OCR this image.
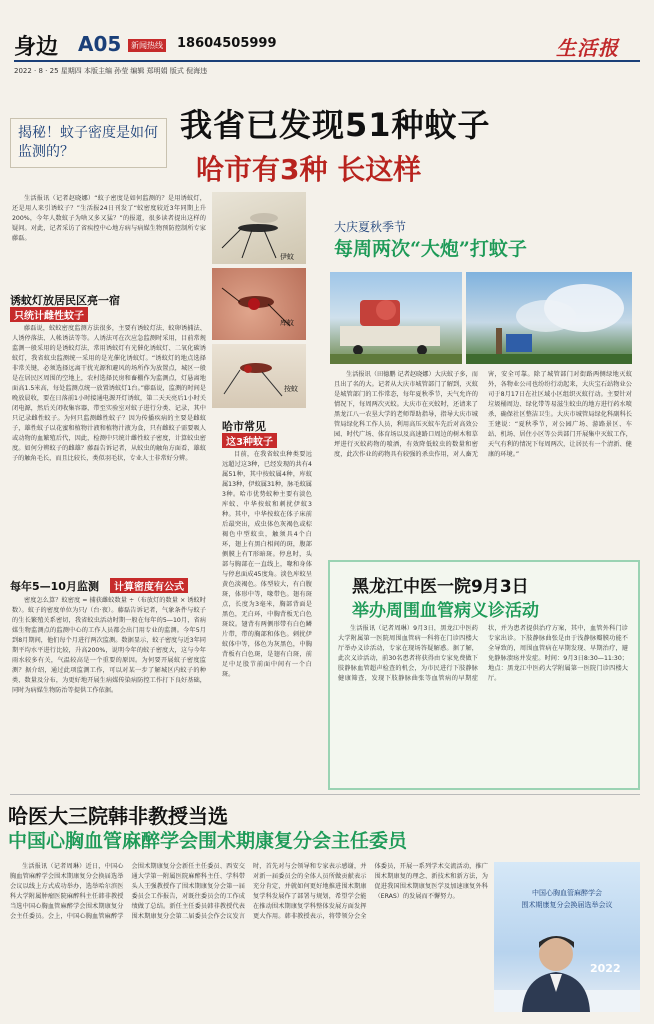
身边 A05	新闻热线 18604505999	生活报
2022 · 8 · 25 星期四 本版主编 孙莹 编辑 郑明娟 版式 倪海违
揭秘！蚊子密度是如何监测的？
我省已发现51种蚊子
哈市有3种 长这样

生活报讯（记者赵晓娜）“蚊子密度是如何监测的？是用诱蚊灯，还是用人来引诱蚊子？”生活报24日刊发了“蚊密度较近3年同期上升200%，今年人数蚊子为啥又多又猛？”的报道，很多读者提出这样的疑问。对此，记者采访了省疾控中心地方病与病媒生物预防控制所专家藤磊。

诱蚊灯放居民区亮一宿
只统计雌性蚊子

藤磊说，蚊蚊密度监测方法很多，主要有诱蚊灯法、蚊卵诱捕法、人诱停落法、人帐诱法等等。人诱法可在次应急监测时采用，目前常规监测一般采用的是诱蚊灯法，常用诱蚊灯有光催化诱蚊灯、二氧化碳诱蚊灯，我省蚊虫监测统一采用的是光催化诱蚊灯。“诱蚊灯的地点选择非常关键，必须选择远离干扰光源和避风的场所作为放置点，城区一般是在居民区周围的空地上，农村选择民房和畜棚作为监测点，灯悬离地面高1.5米高，每处监测点统一放置诱蚊灯1台。”藤磊说，监测的时间是晚放晨收，要在日落前1小时接通电源开灯诱蚊，第二天天亮后1小时关闭电源，然后关闭收集容器，带至实验室对蚊子进行分类、记录，其中只记录雌性蚊子。为何只监测雌性蚊子？因为传播疾病的主要是雌蚊子，雄性蚊子以花蜜和植物汁液和植物汁液为食，只有雌蚊子需要吸人或动物的血繁殖后代，因此，检测中只统计雌性蚊子密度，计算蚊虫密度。如何分辨蚊子的雌雄？藤磊告诉记者，从蚊虫的触角方面看，雄蚊子的触角毛长，而且比较长，类似羽毛状，专业人士非常好分辨。

每年5—10月监测	计算密度有公式

密度怎么算？蚊密度 = 捕获雌蚊数量 ÷（布放灯的数量 × 诱蚊时数）。蚊子的密度单位为只/（台·夜）。藤磊告诉记者，气象条件与蚊子的生长繁殖关系密切，我省蚊虫活动时期一般在每年的5—10月，省病媒生物监测点的监测中心的工作人员都会出门用专业的监测。今年5月到8月期间，他们每个月进行两次监测。数据显示，蚊子密度与近3年同期平均水平进行比较，升高200%，说明今年的蚊子密度大，这与今年雨水较多有关，气温较高是一个重要的原因。为何要开展蚊子密度监测？据介绍，通过此项监测工作，可以对某一步了解城区内蚊子的种类、数量及分布，为更好地开展生病媒传染病防控工作打下良好基础，同时为病媒生物防治等提供工作依据。

伊蚊
库蚊
按蚊
哈市常见
这3种蚊子

目前，在我省蚊虫种类要远远超过这3种，已经发现的共有4属51种，其中按蚊属4种，库蚊属13种，伊蚊属31种，脉毛蚊属3种。哈市优势蚊种主要有淡色库蚊、中华按蚊和刺扰伊蚊3种。其中，中华按蚊在体子床前后最突出，成虫体色灰褐色或棕褐色中型蚊虫，触须具4个白环，翅上有黑白相间的斑，腹部侧膜上有T形暗斑。停息时，头部与胸部在一直线上，喙和身体与停息面成45度角。淡色库蚊呈黄色淡褐色。体型较大，有白腹斑，体形中等，喙带色。翅有斑点，长度为3毫米，胸部背面是黑色，无白环，中胸背板无白色斑纹。翅背有两侧形带有白色鳞片带，带的胸部和体色。刺扰伊蚊体中等，体色为灰黑色，中胸背板有白色斑，是翅有白斑，前足中足股节前面中间有一个白斑。

大庆夏秋季节
每周两次“大炮”打蚊子

生活报讯（田德鹏 记者赵晓娜）大庆蚊子多，而且出了名的大。记者从大庆市城管部门了解到，灭蚊是城管部门的工作常态，每年夏秋季节，天气允许的情况下，每周两次灭蚊。大庆市在灭蚊时，还请来了黑龙江八一农垦大学的老师帮助指导，指导大庆市城管局绿化科工作人员，利用高压灭蚊车先后对高效公园、时代广场、体育场以及高速路口周边的树木和草坪进行灭蚊药物的喷洒，有效降低蚊虫的数量和密度，此次作业的药物具有较强的杀虫作用，对人畜无害，安全可靠。除了城管部门对街路两侧绿地灭蚊外，各物业公司也纷纷行动起来，大庆宝石站物业公司于8月17日在社区域小区组织灭蚊行动。主要针对垃圾桶周边、绿化带等易滋生蚊虫的地方进行药水喷杀，确保社区整洁卫生。大庆市城管局绿化科副科长王建说：“夏秋季节，对公园广场、游路景区、车站、机场、居住小区等公共部门开展集中灭蚊工作，天气有利的情况下每周两次，让居民有一个清新、健康的环境。”

黑龙江中医一院9月3日
举办周围血管病义诊活动

生活报讯（记者周琳）9月3日，黑龙江中医药大学附属第一医院周围血管病一科将在门诊四楼大厅举办义诊活动，专家在现场答疑解惑。据了解，此次义诊活动，前30名患者将获得由专家免费做下肢静脉血管超声检查的机会，为市民进行下肢静脉健康筛查，发现下肢静脉曲张等血管病的早期症状，并为患者提供治疗方案，其中，血管外科门诊专家出诊。下肢静脉曲张是由于浅静脉瓣膜功能不全导致的，周围血管病在早期发现、早期治疗，避免静脉溃疡并发症。时间：9月3日8:30—11:30；地点：黑龙江中医药大学附属第一医院门诊四楼大厅。

哈医大三院韩非教授当选
中国心胸血管麻醉学会围术期康复分会主任委员

生活报讯（记者周琳）近日，中国心胸血管麻醉学会围术期康复分会换届选举会议以线上方式成功举办，选举哈尔滨医科大学附属肿瘤医院麻醉科主任韩非教授当选中国心胸血管麻醉学会围术期康复分会主任委员。会上，中国心胸血管麻醉学会围术期康复分会新任主任委员、西安交通大学第一附属医院麻醉科主任、学科带头人王强教授作了围术期康复分会第一届委员会工作报告，对既往委员会的工作成绩做了总结。新任主任委员韩非教授代表围术期康复分会第二届委员会作会议发言时，首先对与会领导和专家表示感谢，并对新一届委员会的全体人员所做贡献表示充分肯定，并就如何更好地推进围术期康复学科发展作了部署与规划，希望学会能在推动围术期康复学科整体发展方面发挥更大作用。韩非教授表示，将带领分会全体委员，开展一系列学术交流活动，推广围术期康复的理念、新技术和新方法，为促进我国围术期康复医学及加速康复外科（ERAS）的发展而不懈努力。	中国心胸血管麻醉学会
围术期康复分会换届选举会议
2022
